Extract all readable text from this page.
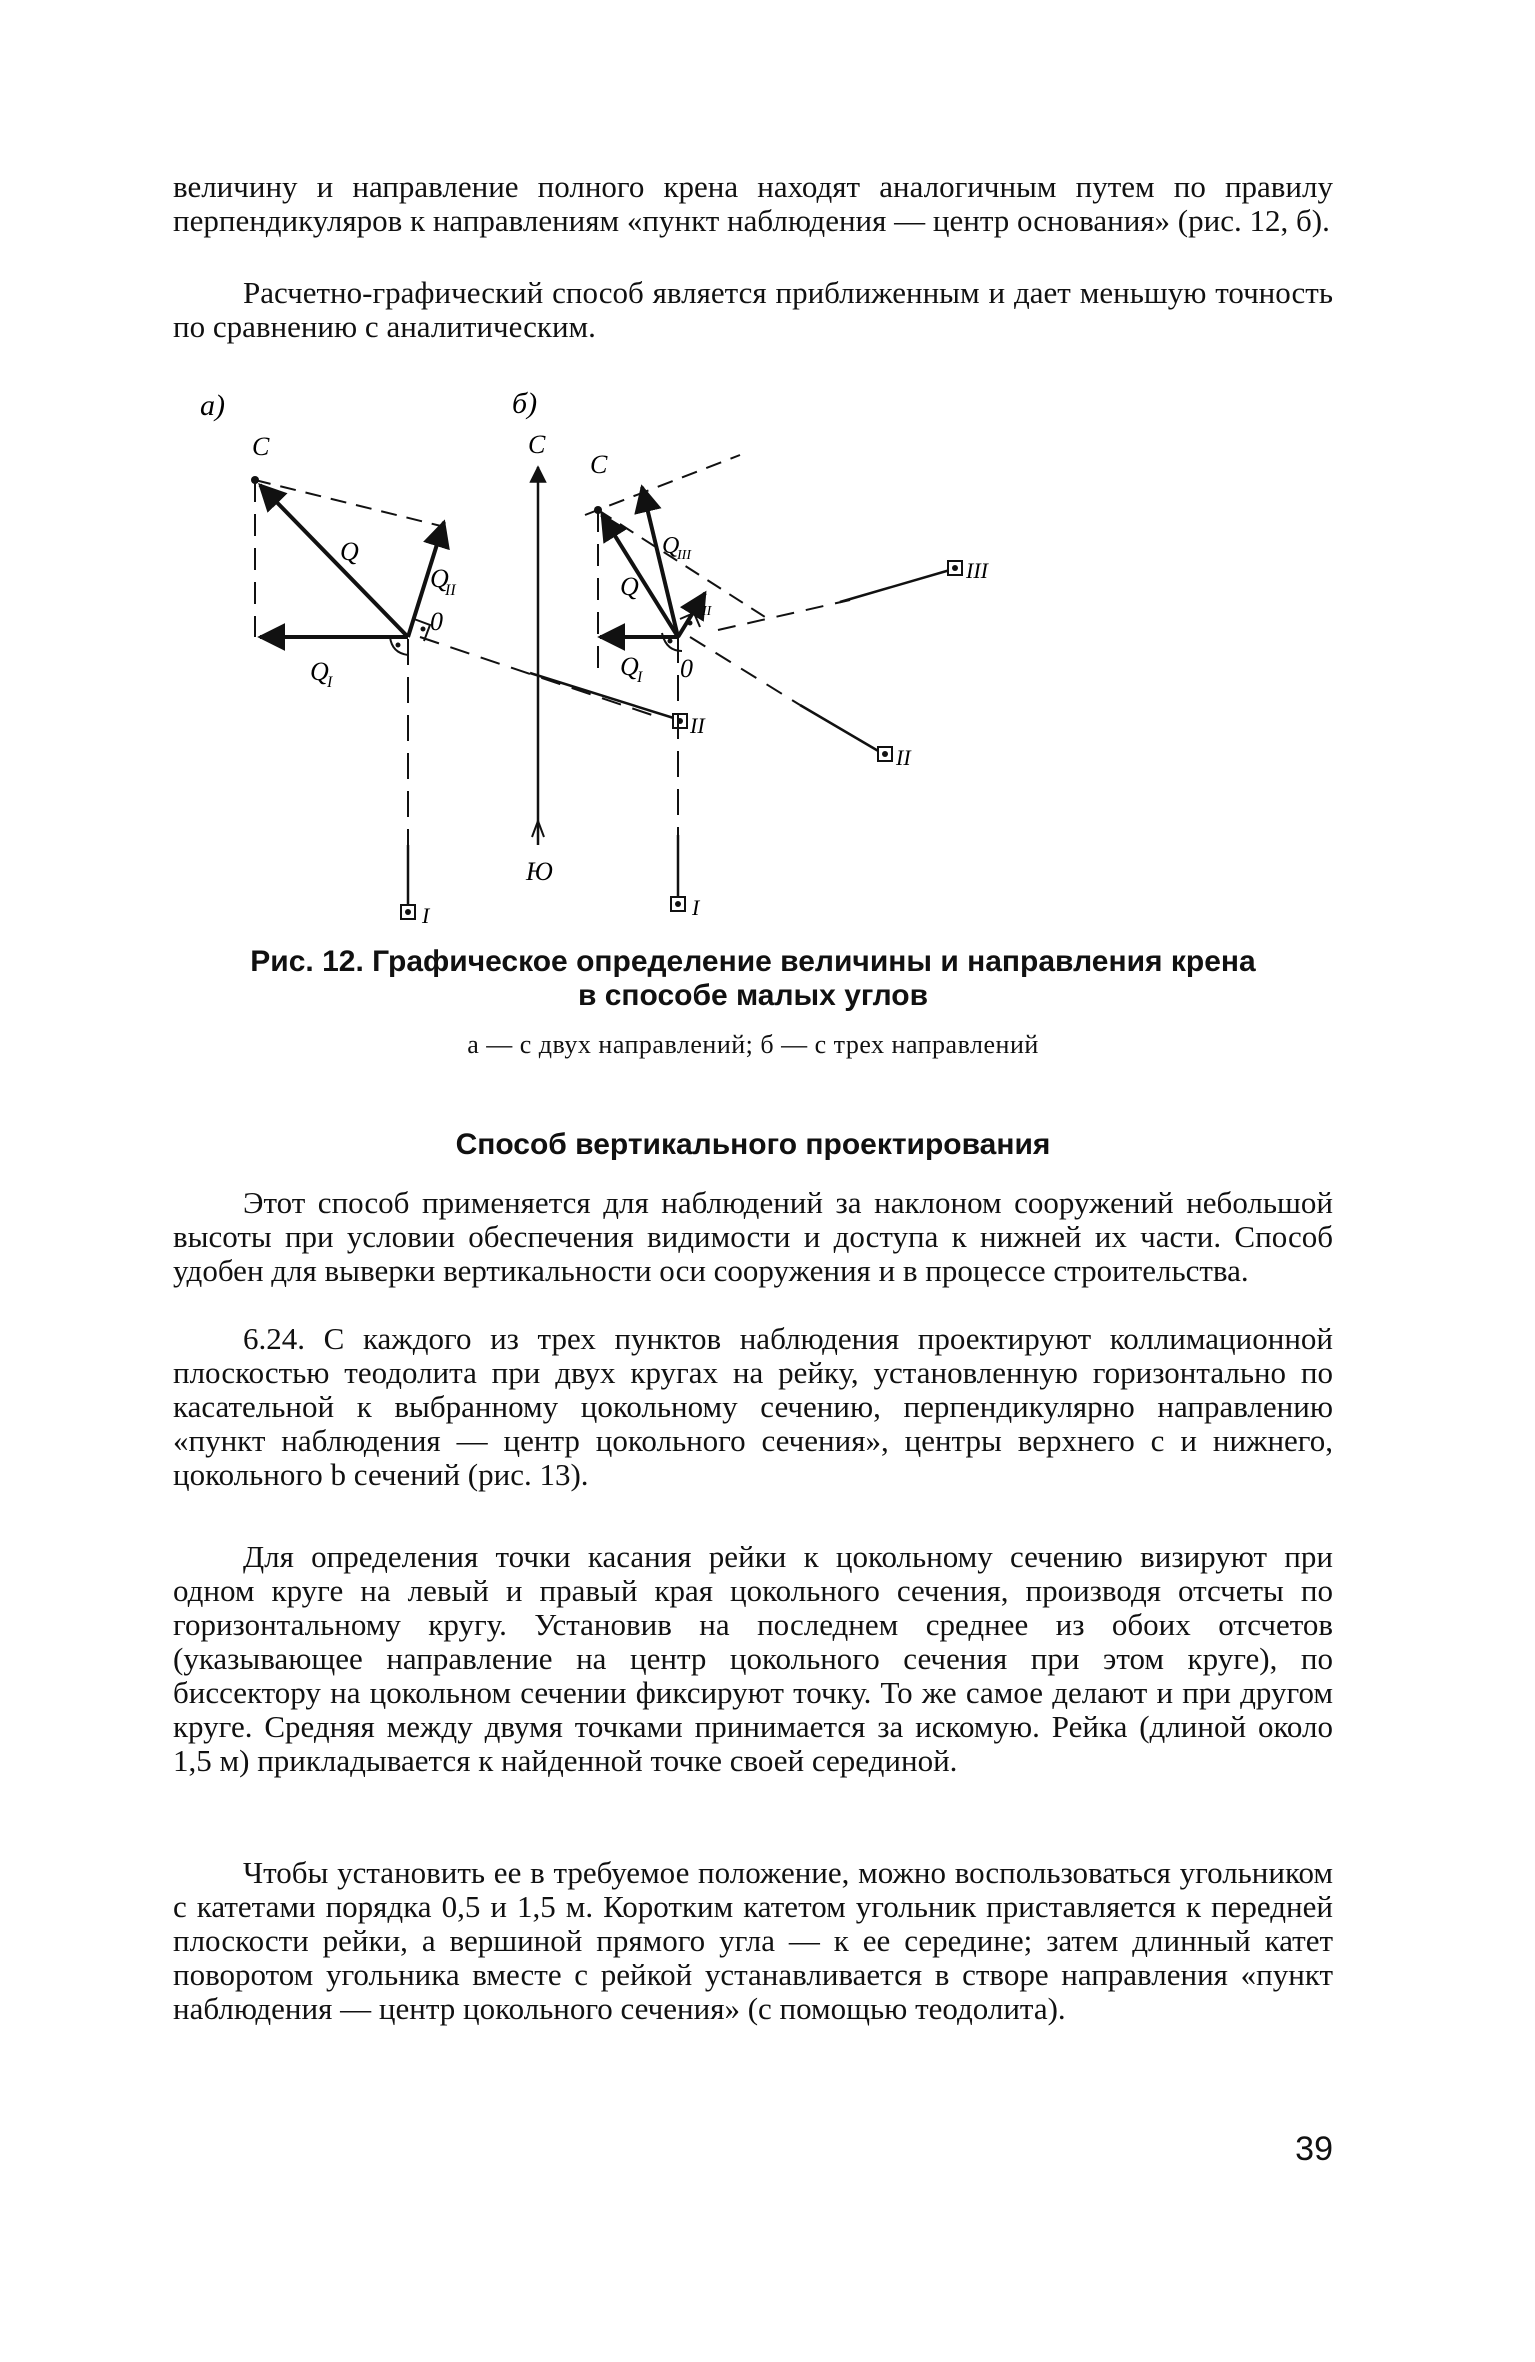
величину и направление полного крена находят аналогичным путем по правилу перпендикуляров к направлениям «пункт наблюдения — центр основания» (рис. 12, б).

Расчетно-графический способ является приближенным и дает меньшую точность по сравнению с аналитическим.

а)
C
Q
Q
I
Q
II
0
II
I
б)
С
Ю
C
Q
Q
I
Q
III
II
0
III
II
I
Рис. 12. Графическое определение величины и направления крена
в способе малых углов

а — с двух направлений; б — с трех направлений

Способ вертикального проектирования

Этот способ применяется для наблюдений за наклоном сооружений небольшой высоты при условии обеспечения видимости и доступа к нижней их части. Способ удобен для выверки вертикальности оси сооружения и в процессе строительства.

6.24. С каждого из трех пунктов наблюдения проектируют коллимационной плоскостью теодолита при двух кругах на рейку, установленную горизонтально по касательной к выбранному цокольному сечению, перпендикулярно направлению «пункт наблюдения — центр цокольного сечения», центры верхнего c и нижнего, цокольного b сечений (рис. 13).

Для определения точки касания рейки к цокольному сечению визируют при одном круге на левый и правый края цокольного сечения, производя отсчеты по горизонтальному кругу. Установив на последнем среднее из обоих отсчетов (указывающее направление на центр цокольного сечения при этом круге), по биссектору на цокольном сечении фиксируют точку. То же самое делают и при другом круге. Средняя между двумя точками принимается за искомую. Рейка (длиной около 1,5 м) прикладывается к найденной точке своей серединой.

Чтобы установить ее в требуемое положение, можно воспользоваться угольником с катетами порядка 0,5 и 1,5 м. Коротким катетом угольник приставляется к передней плоскости рейки, а вершиной прямого угла — к ее середине; затем длинный катет поворотом угольника вместе с рейкой устанавливается в створе направления «пункт наблюдения — центр цокольного сечения» (с помощью теодолита).

39
